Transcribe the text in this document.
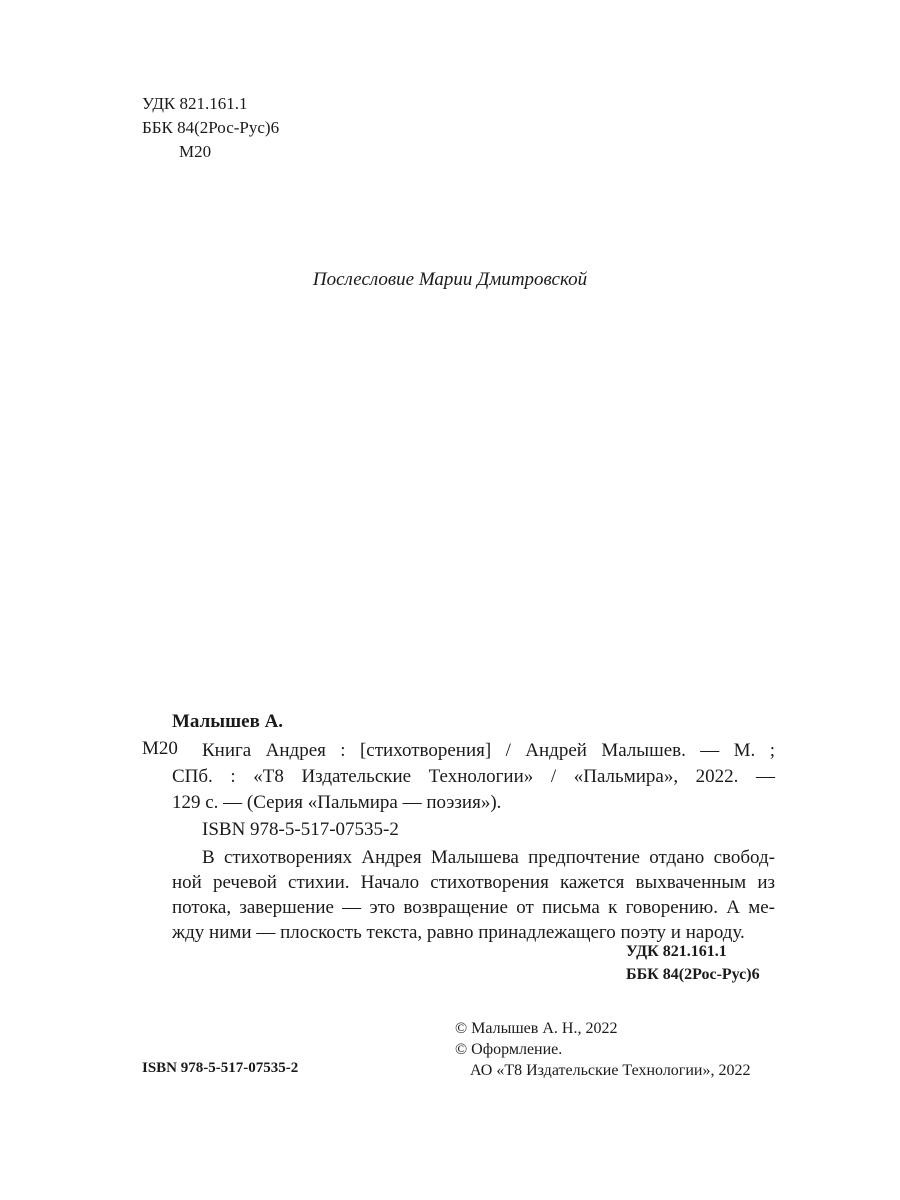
УДК 821.161.1
ББК 84(2Рос-Рус)6
М20
Послесловие Марии Дмитровской
Малышев А.
М20	Книга Андрея : [стихотворения] / Андрей Малышев. — М. ;
СПб. : «Т8 Издательские Технологии» / «Пальмира», 2022. —
129 с. — (Серия «Пальмира — поэзия»).
ISBN 978-5-517-07535-2
В стихотворениях Андрея Малышева предпочтение отдано свобод-
ной речевой стихии. Начало стихотворения кажется выхваченным из
потока, завершение — это возвращение от письма к говорению. А ме-
жду ними — плоскость текста, равно принадлежащего поэту и народу.
УДК 821.161.1
ББК 84(2Рос-Рус)6
© Малышев А. Н., 2022
© Оформление.
АО «Т8 Издательские Технологии», 2022
ISBN 978-5-517-07535-2
